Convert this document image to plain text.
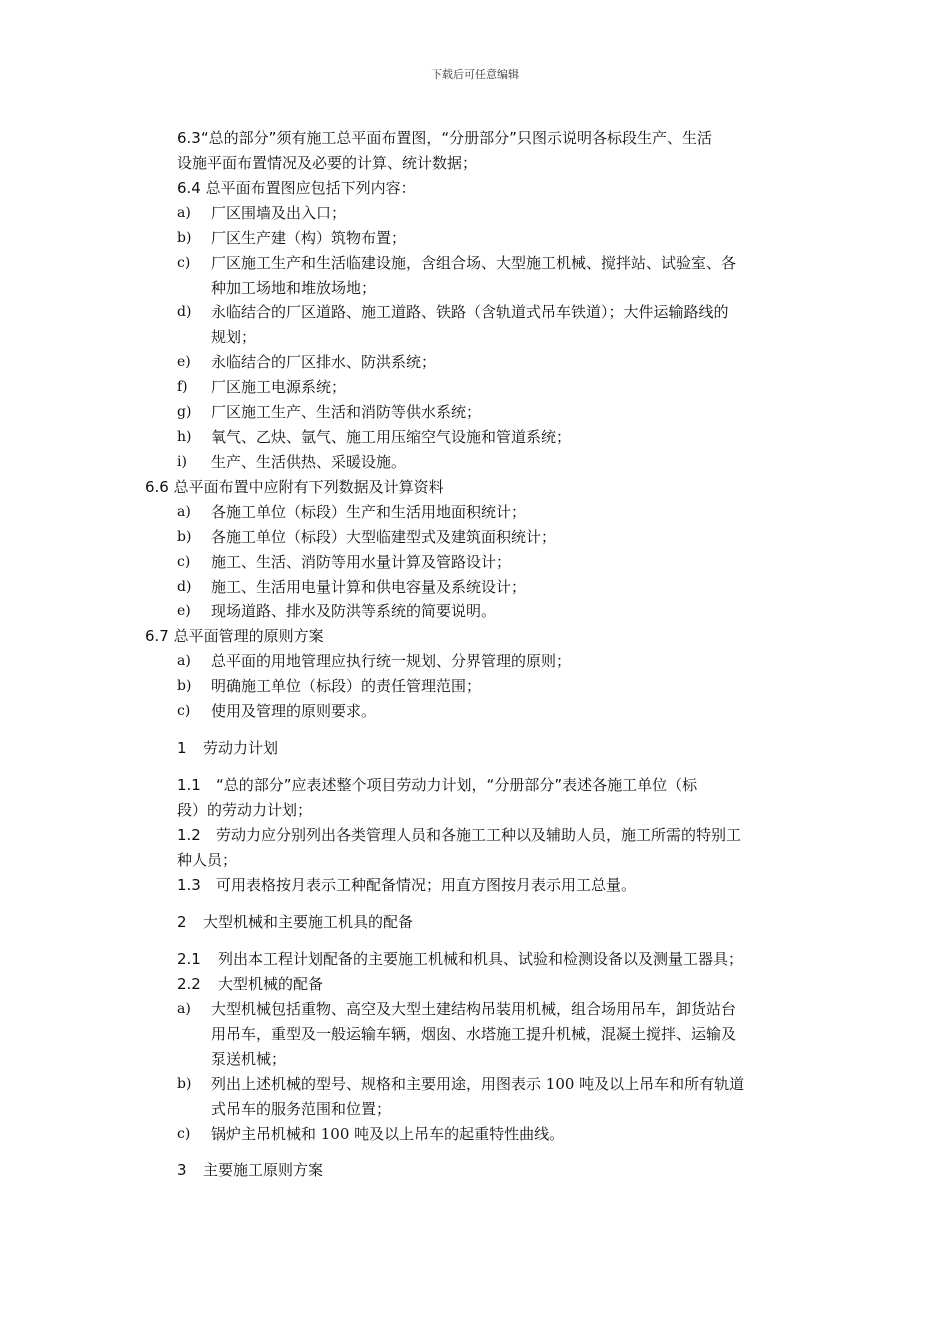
下载后可任意编辑
6.3“总的部分”须有施工总平面布置图，“分册部分”只图示说明各标段生产、生活
设施平面布置情况及必要的计算、统计数据；
6.4 总平面布置图应包括下列内容：
a) 厂区围墙及出入口；
b) 厂区生产建（构）筑物布置；
c) 厂区施工生产和生活临建设施，含组合场、大型施工机械、搅拌站、试验室、各
种加工场地和堆放场地；
d) 永临结合的厂区道路、施工道路、铁路（含轨道式吊车铁道）；大件运输路线的
规划；
e) 永临结合的厂区排水、防洪系统；
f) 厂区施工电源系统；
g) 厂区施工生产、生活和消防等供水系统；
h) 氧气、乙炔、氩气、施工用压缩空气设施和管道系统；
i) 生产、生活供热、采暖设施。
6.6 总平面布置中应附有下列数据及计算资料
a) 各施工单位（标段）生产和生活用地面积统计；
b) 各施工单位（标段）大型临建型式及建筑面积统计；
c) 施工、生活、消防等用水量计算及管路设计；
d) 施工、生活用电量计算和供电容量及系统设计；
e) 现场道路、排水及防洪等系统的简要说明。
6.7 总平面管理的原则方案
a) 总平面的用地管理应执行统一规划、分界管理的原则；
b) 明确施工单位（标段）的责任管理范围；
c) 使用及管理的原则要求。
1 劳动力计划
1.1 “总的部分”应表述整个项目劳动力计划，“分册部分”表述各施工单位（标
段）的劳动力计划；
1.2 劳动力应分别列出各类管理人员和各施工工种以及辅助人员，施工所需的特别工
种人员；
1.3 可用表格按月表示工种配备情况；用直方图按月表示用工总量。
2 大型机械和主要施工机具的配备
2.1 列出本工程计划配备的主要施工机械和机具、试验和检测设备以及测量工器具；
2.2 大型机械的配备
a) 大型机械包括重物、高空及大型土建结构吊装用机械，组合场用吊车，卸货站台
用吊车，重型及一般运输车辆，烟囱、水塔施工提升机械，混凝土搅拌、运输及
泵送机械；
b) 列出上述机械的型号、规格和主要用途，用图表示 100 吨及以上吊车和所有轨道
式吊车的服务范围和位置；
c) 锅炉主吊机械和 100 吨及以上吊车的起重特性曲线。
3 主要施工原则方案
